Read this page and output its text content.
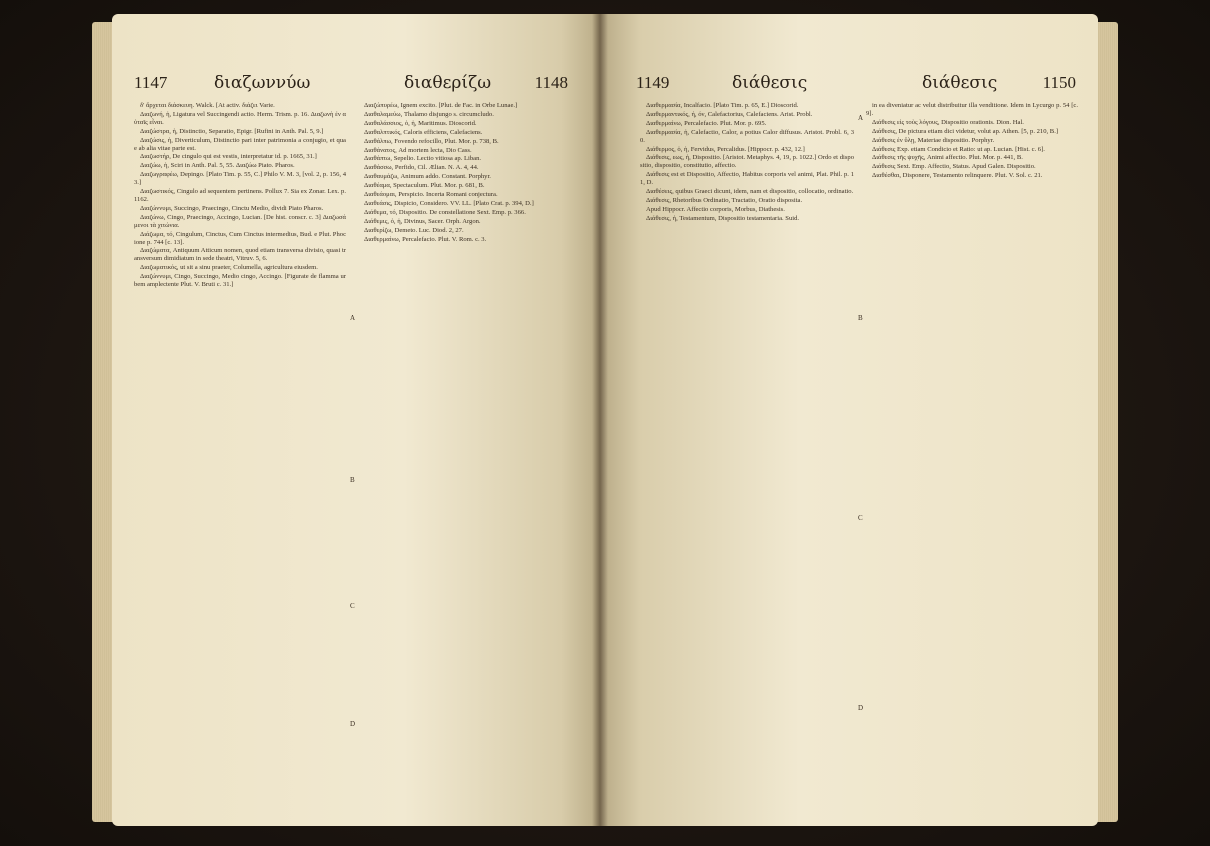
1147	διαζωννύω	διαθερίζω	1148

δ' ἄρχεται διάσκευη. Walck. [At activ. διάζει Varie.

Διαζωνή, ἡ, Ligatura vel Succingendi actio. Herm. Trism. p. 16. Διαζωνὴ ἐν αὐταῖς εἶναι.

Διαζώστρα, ἡ, Distinctio, Separatio, Epigr. [Rufini in Anth. Pal. 5, 9.]

Διαζώσις, ἡ, Diverticulum, Distinctio pari inter patrimonia a conjugio, et quae ab alia vitae parte est.

Διαζωστήρ, De cingulo qui est vestis, interpretatur id. p. 1665, 31.]

Διαζώω, ἡ, Sciri in Anth. Pal. 5, 55. Διαζώω Piato. Pharos.

Διαζωγραφέω, Depingo. [Plato Tim. p. 55, C.] Philo V. M. 3, [vol. 2, p. 156, 43.]

Διαζωστικός, Cingulo ad sequentem pertinens. Pollux 7. Sia ex Zonar. Lex. p. 1162.

Διαζώννυμι, Succingo, Praecingo, Cinctu Medio, dividi Piato Pharos.

Διαζώνω, Cingo, Praecingo, Accingo, Lucian. [De hist. conscr. c. 3] Διαζωσάμενοι τὰ χιτώνια.

Διάζωμα, τό, Cingulum, Cinctus, Cum Cinctus intermedius, Bud. e Plut. Phocione p. 744 [c. 13].

Διαζώματα, Antiquum Atticum nomen, quod etiam transversa divisio, quasi transversum dimidiatum in sede theatri, Vitruv. 5, 6.

Διαζωματικός, ut sit a sinu praeter, Columella, agricultura eiusdem.

Διαζώννυμι, Cingo, Succingo, Medio cingo, Accingo. [Figurate de flamma urbem amplectente Plut. V. Bruti c. 31.]

Διαζώπυρέω, Ignem excito. [Plut. de Fac. in Orbe Lunae.]

Διαθαλαμεύω, Thalamo disjungo s. circumcludo.

Διαθαλάσσιος, ὁ, ἡ, Maritimus. Dioscorid.

Διαθαλπτικός, Caloris efficiens, Calefaciens.

Διαθάλπω, Fovendo refocillo, Plut. Mor. p. 738, B.

Διαθάνατος, Ad mortem lecta, Dio Cass.

Διαθάπτω, Sepelio. Lectio vitiosa ap. Liban.

Διαθάσσω, Perfido, Cil. Ælian. N. A. 4, 44.

Διαθαυμάζω, Animum addo. Constant. Porphyr.

Διαθέαμα, Spectaculum. Plut. Mor. p. 681, B.

Διαθεάομαι, Perspicio. Incerta Romani conjectura.

Διαθεάσις, Dispicio, Considero. VV. LL. [Plato Crat. p. 394, D.]

Διάθεμα, τό, Dispositio. De constellatione Sext. Emp. p. 366.

Διάθεμις, ὁ, ἡ, Divinus, Sacer. Orph. Argon.

Διαθερίζω, Demeto. Luc. Diod. 2, 27.

Διαθερμαίνω, Percalefacio. Plut. V. Rom. c. 3.

A
B
C
D
1149	διάθεσις	διάθεσις	1150

Διαθερμασία, Incalfacio. [Plato Tim. p. 65, E.] Dioscorid.

Διαθερμαντικός, ή, όν, Calefactorius, Calefaciens. Arist. Probl.

Διαθερμαίνω, Percalefacio. Plut. Mor. p. 695.

Διαθερμασία, ἡ, Calefactio, Calor, a potius Calor diffusus. Aristot. Probl. 6, 30.

Διάθερμος, ὁ, ἡ, Fervidus, Percalidus. [Hippocr. p. 432, 12.]

Διάθεσις, εως, ἡ, Dispositio. [Aristot. Metaphys. 4, 19, p. 1022.] Ordo et dispositio, dispositio, constitutio, affectio.

Διάθεσις est et Dispositio, Affectio, Habitus corporis vel animi, Plat. Phil. p. 11, D.

Διαθέσεις, quibus Graeci dicunt, idem, nam et dispositio, collocatio, ordinatio.

Διάθεσις, Rhetoribus Ordinatio, Tractatio, Oratio disposita.

Apud Hippocr. Affectio corporis, Morbus, Diathesis.

Διάθεσις, ἡ, Testamentum, Dispositio testamentaria. Suid.

in ea diveniatur ac velut distribuitur illa venditione. Idem in Lycurgo p. 54 [c. 9].

Διάθεσις εἰς τοὺς λόγους, Dispositio orationis. Dion. Hal.

Διάθεσις, De pictura etiam dici videtur, volut ap. Athen. [5, p. 210, B.]

Διάθεσις ἐν ὕλῃ, Materiae dispositio. Porphyr.

Διάθεσις Exp. etiam Condicio et Ratio: ut ap. Lucian. [Hist. c. 6].

Διάθεσις τῆς ψυχῆς, Animi affectio. Plut. Mor. p. 441, B.

Διάθεσις Sext. Emp. Affectio, Status. Apud Galen. Dispositio.

Διαθέσθαι, Disponere, Testamento relinquere. Plut. V. Sol. c. 21.

A
B
C
D
